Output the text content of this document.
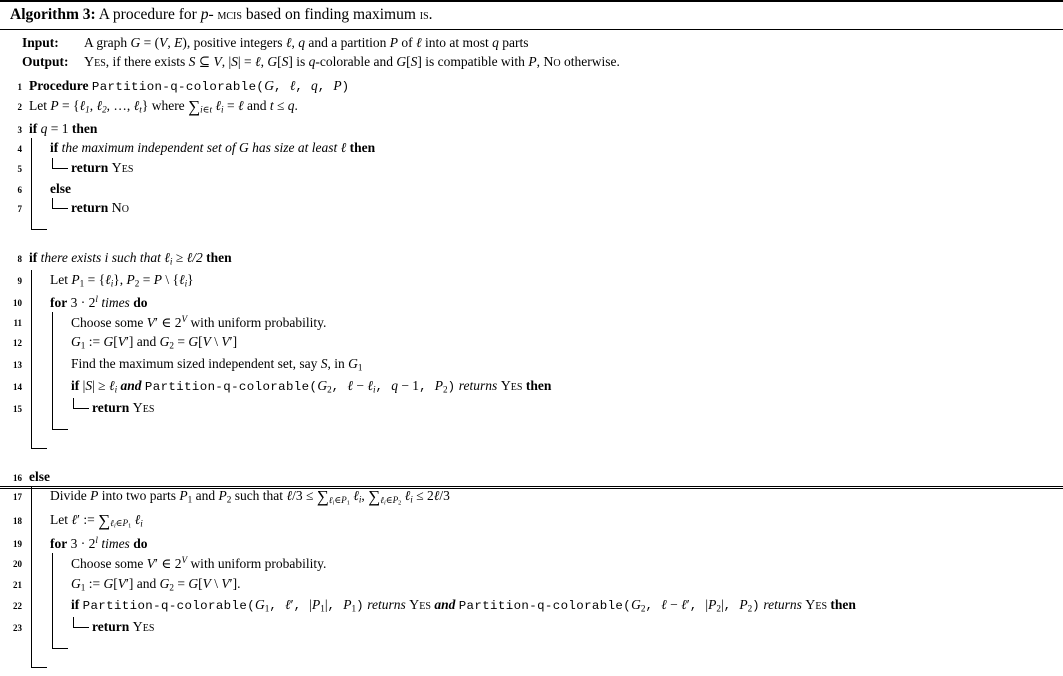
Algorithm 3: A procedure for p- mcis based on finding maximum is.
Input:	A graph G = (V, E), positive integers ℓ, q and a partition P of ℓ into at most q parts
Output:	Yes, if there exists S ⊆ V, |S| = ℓ, G[S] is q-colorable and G[S] is compatible with P, No otherwise.
1 Procedure Partition-q-colorable(G, ℓ, q, P)
2 Let P = {ℓ$_1$, ℓ$_2$, …, ℓ$_t$} where $\sum_{i\in t}$ ℓ$_i$ = ℓ and t ≤ q.
3 if q = 1 then
4 if the maximum independent set of G has size at least ℓ then
5	return Yes
6 else
7	return No
8 if there exists i such that ℓ$_i$ ≥ ℓ/2 then
9 Let $P_1$ = {ℓ$_i$}, $P_2 = P$ \ {ℓ$_i$}
10 for $3 \cdot 2^l$ times do
11	Choose some V′ ∈ $2^V$ with uniform probability.
12	$G_1$ := G[V′] and $G_2 = G[V$ \ V′]
13	Find the maximum sized independent set, say S, in $G_1$
14	if |S| ≥ ℓ$_i$ and Partition-$q-colorable(G_2$, ℓ − ℓ$_i$, q − 1, $P_2$) returns Yes then
15	return Yes
16 else
17 Divide P into two parts $P_1$ and $P_2$ such that ℓ/3 ≤ $\sum_{\ell_i\in P_1}$ ℓ$_i$, $\sum_{\ell_i\in P_2}$ ℓ$_i$ ≤ 2ℓ/3
18 Let ℓ′ := $\sum_{\ell_i\in P_1}$ ℓ$_i$
19 for $3 \cdot 2^l$ times do
20	Choose some V′ ∈ $2^V$ with uniform probability.
21	$G_1$ := G[V′] and $G_2 = G[V$ \ V′].
22	if Partition-$q-colorable(G_1$, ℓ′, $|P_1|$, $P_1$) returns Yes and Partition-$q-colorable(G_2$, ℓ − ℓ′, $|P_2|$, $P_2$) returns Yes then
23	return Yes
